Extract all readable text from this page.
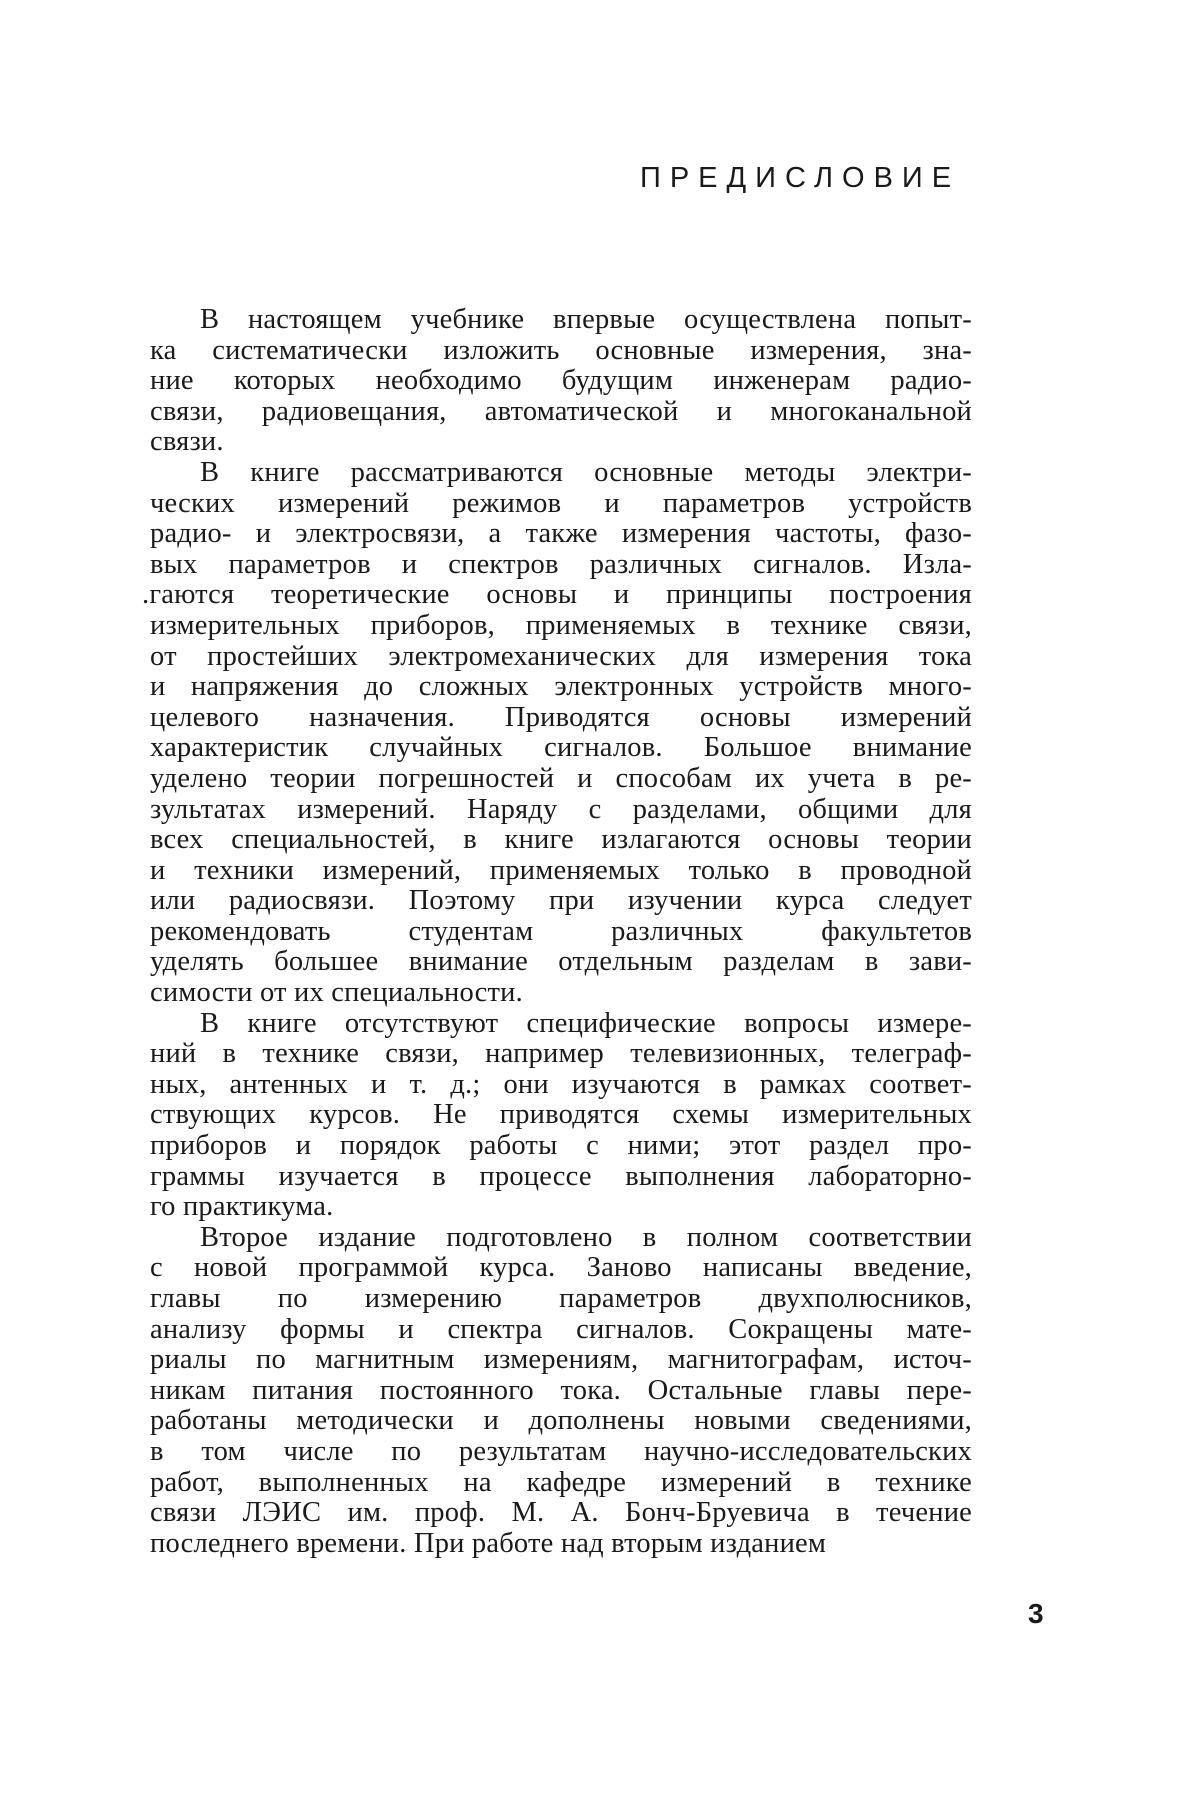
ПРЕДИСЛОВИЕ
В настоящем учебнике впервые осуществлена попыт-
ка систематически изложить основные измерения, зна-
ние которых необходимо будущим инженерам радио-
связи, радиовещания, автоматической и многоканальной
связи.
В книге рассматриваются основные методы электри-
ческих измерений режимов и параметров устройств
радио- и электросвязи, а также измерения частоты, фазо-
вых параметров и спектров различных сигналов. Изла-
.гаются теоретические основы и принципы построения
измерительных приборов, применяемых в технике связи,
от простейших электромеханических для измерения тока
и напряжения до сложных электронных устройств много-
целевого назначения. Приводятся основы измерений
характеристик случайных сигналов. Большое внимание
уделено теории погрешностей и способам их учета в ре-
зультатах измерений. Наряду с разделами, общими для
всех специальностей, в книге излагаются основы теории
и техники измерений, применяемых только в проводной
или радиосвязи. Поэтому при изучении курса следует
рекомендовать студентам различных факультетов
уделять большее внимание отдельным разделам в зави-
симости от их специальности.
В книге отсутствуют специфические вопросы измере-
ний в технике связи, например телевизионных, телеграф-
ных, антенных и т. д.; они изучаются в рамках соответ-
ствующих курсов. Не приводятся схемы измерительных
приборов и порядок работы с ними; этот раздел про-
граммы изучается в процессе выполнения лабораторно-
го практикума.
Второе издание подготовлено в полном соответствии
с новой программой курса. Заново написаны введение,
главы по измерению параметров двухполюсников,
анализу формы и спектра сигналов. Сокращены мате-
риалы по магнитным измерениям, магнитографам, источ-
никам питания постоянного тока. Остальные главы пере-
работаны методически и дополнены новыми сведениями,
в том числе по результатам научно-исследовательских
работ, выполненных на кафедре измерений в технике
связи ЛЭИС им. проф. М. А. Бонч-Бруевича в течение
последнего времени. При работе над вторым изданием
3
